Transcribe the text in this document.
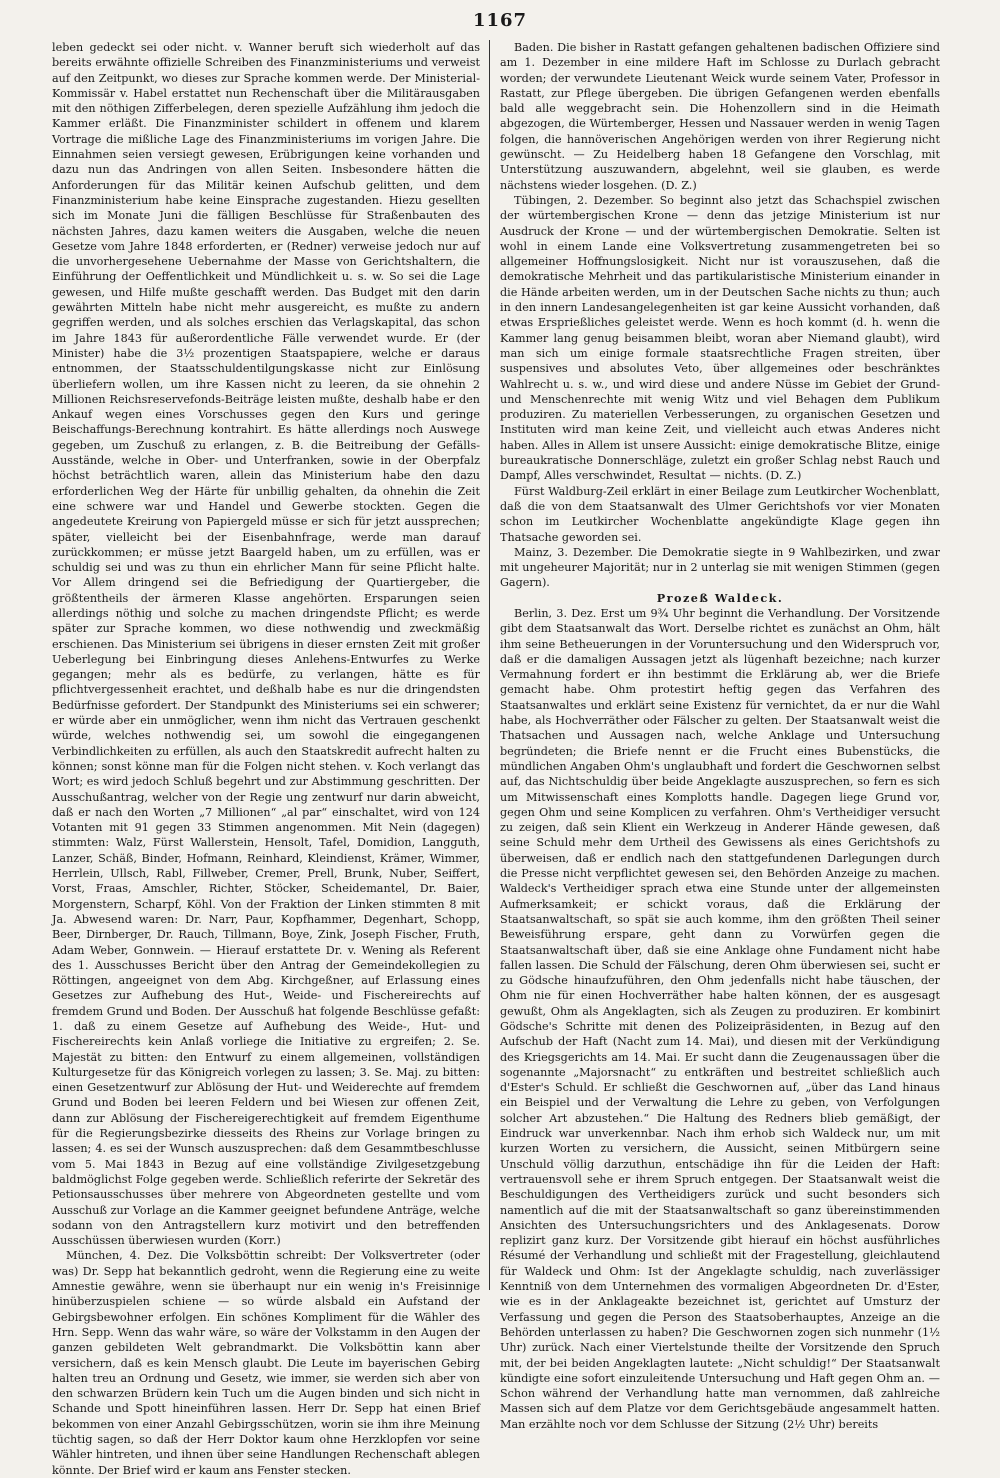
1167

leben gedeckt sei oder nicht. v. Wanner beruft sich wiederholt auf das bereits erwähnte offizielle Schreiben des Finanzministeriums und verweist auf den Zeitpunkt, wo dieses zur Sprache kommen werde. Der Ministerial-Kommissär v. Habel erstattet nun Rechenschaft über die Militärausgaben mit den nöthigen Zifferbelegen, deren spezielle Aufzählung ihm jedoch die Kammer erläßt. Die Finanzminister schildert in offenem und klarem Vortrage die mißliche Lage des Finanzministeriums im vorigen Jahre. Die Einnahmen seien versiegt gewesen, Erübrigungen keine vorhanden und dazu nun das Andringen von allen Seiten. Insbesondere hätten die Anforderungen für das Militär keinen Aufschub gelitten, und dem Finanzministerium habe keine Einsprache zugestanden. Hiezu gesellten sich im Monate Juni die fälligen Beschlüsse für Straßenbauten des nächsten Jahres, dazu kamen weiters die Ausgaben, welche die neuen Gesetze vom Jahre 1848 erforderten, er (Redner) verweise jedoch nur auf die unvorhergesehene Uebernahme der Masse von Gerichtshaltern, die Einführung der Oeffentlichkeit und Mündlichkeit u. s. w. So sei die Lage gewesen, und Hilfe mußte geschafft werden. Das Budget mit den darin gewährten Mitteln habe nicht mehr ausgereicht, es mußte zu andern gegriffen werden, und als solches erschien das Verlagskapital, das schon im Jahre 1843 für außerordentliche Fälle verwendet wurde. Er (der Minister) habe die 3½ prozentigen Staatspapiere, welche er daraus entnommen, der Staatsschuldentilgungskasse nicht zur Einlösung überliefern wollen, um ihre Kassen nicht zu leeren, da sie ohnehin 2 Millionen Reichsreservefonds-Beiträge leisten mußte, deshalb habe er den Ankauf wegen eines Vorschusses gegen den Kurs und geringe Beischaffungs-Berechnung kontrahirt. Es hätte allerdings noch Auswege gegeben, um Zuschuß zu erlangen, z. B. die Beitreibung der Gefälls-Ausstände, welche in Ober- und Unterfranken, sowie in der Oberpfalz höchst beträchtlich waren, allein das Ministerium habe den dazu erforderlichen Weg der Härte für unbillig gehalten, da ohnehin die Zeit eine schwere war und Handel und Gewerbe stockten. Gegen die angedeutete Kreirung von Papiergeld müsse er sich für jetzt aussprechen; später, vielleicht bei der Eisenbahnfrage, werde man darauf zurückkommen; er müsse jetzt Baargeld haben, um zu erfüllen, was er schuldig sei und was zu thun ein ehrlicher Mann für seine Pflicht halte. Vor Allem dringend sei die Befriedigung der Quartiergeber, die größtentheils der ärmeren Klasse angehörten. Ersparungen seien allerdings nöthig und solche zu machen dringendste Pflicht; es werde später zur Sprache kommen, wo diese nothwendig und zweckmäßig erschienen. Das Ministerium sei übrigens in dieser ernsten Zeit mit großer Ueberlegung bei Einbringung dieses Anlehens-Entwurfes zu Werke gegangen; mehr als es bedürfe, zu verlangen, hätte es für pflichtvergessenheit erachtet, und deßhalb habe es nur die dringendsten Bedürfnisse gefordert. Der Standpunkt des Ministeriums sei ein schwerer; er würde aber ein unmöglicher, wenn ihm nicht das Vertrauen geschenkt würde, welches nothwendig sei, um sowohl die eingegangenen Verbindlichkeiten zu erfüllen, als auch den Staatskredit aufrecht halten zu können; sonst könne man für die Folgen nicht stehen. v. Koch verlangt das Wort; es wird jedoch Schluß begehrt und zur Abstimmung geschritten. Der Ausschußantrag, welcher von der Regie ung zentwurf nur darin abweicht, daß er nach den Worten „7 Millionen“ „al par“ einschaltet, wird von 124 Votanten mit 91 gegen 33 Stimmen angenommen. Mit Nein (dagegen) stimmten: Walz, Fürst Wallerstein, Hensolt, Tafel, Domidion, Langguth, Lanzer, Schäß, Binder, Hofmann, Reinhard, Kleindienst, Krämer, Wimmer, Herrlein, Ullsch, Rabl, Fillweber, Cremer, Prell, Brunk, Nuber, Seiffert, Vorst, Fraas, Amschler, Richter, Stöcker, Scheidemantel, Dr. Baier, Morgenstern, Scharpf, Köhl. Von der Fraktion der Linken stimmten 8 mit Ja. Abwesend waren: Dr. Narr, Paur, Kopfhammer, Degenhart, Schopp, Beer, Dirnberger, Dr. Rauch, Tillmann, Boye, Zink, Joseph Fischer, Fruth, Adam Weber, Gonnwein. — Hierauf erstattete Dr. v. Wening als Referent des 1. Ausschusses Bericht über den Antrag der Gemeindekollegien zu Röttingen, angeeignet von dem Abg. Kirchgeßner, auf Erlassung eines Gesetzes zur Aufhebung des Hut-, Weide- und Fischereirechts auf fremdem Grund und Boden. Der Ausschuß hat folgende Beschlüsse gefaßt: 1. daß zu einem Gesetze auf Aufhebung des Weide-, Hut- und Fischereirechts kein Anlaß vorliege die Initiative zu ergreifen; 2. Se. Majestät zu bitten: den Entwurf zu einem allgemeinen, vollständigen Kulturgesetze für das Königreich vorlegen zu lassen; 3. Se. Maj. zu bitten: einen Gesetzentwurf zur Ablösung der Hut- und Weiderechte auf fremdem Grund und Boden bei leeren Feldern und bei Wiesen zur offenen Zeit, dann zur Ablösung der Fischereigerechtigkeit auf fremdem Eigenthume für die Regierungsbezirke diesseits des Rheins zur Vorlage bringen zu lassen; 4. es sei der Wunsch auszusprechen: daß dem Gesammtbeschlusse vom 5. Mai 1843 in Bezug auf eine vollständige Zivilgesetzgebung baldmöglichst Folge gegeben werde. Schließlich referirte der Sekretär des Petionsausschusses über mehrere von Abgeordneten gestellte und vom Ausschuß zur Vorlage an die Kammer geeignet befundene Anträge, welche sodann von den Antragstellern kurz motivirt und den betreffenden Ausschüssen überwiesen wurden (Korr.)

München, 4. Dez. Die Volksböttin schreibt: Der Volksvertreter (oder was) Dr. Sepp hat bekanntlich gedroht, wenn die Regierung eine zu weite Amnestie gewähre, wenn sie überhaupt nur ein wenig in's Freisinnige hinüberzuspielen schiene — so würde alsbald ein Aufstand der Gebirgsbewohner erfolgen. Ein schönes Kompliment für die Wähler des Hrn. Sepp. Wenn das wahr wäre, so wäre der Volkstamm in den Augen der ganzen gebildeten Welt gebrandmarkt. Die Volksböttin kann aber versichern, daß es kein Mensch glaubt. Die Leute im bayerischen Gebirg halten treu an Ordnung und Gesetz, wie immer, sie werden sich aber von den schwarzen Brüdern kein Tuch um die Augen binden und sich nicht in Schande und Spott hineinführen lassen. Herr Dr. Sepp hat einen Brief bekommen von einer Anzahl Gebirgsschützen, worin sie ihm ihre Meinung tüchtig sagen, so daß der Herr Doktor kaum ohne Herzklopfen vor seine Wähler hintreten, und ihnen über seine Handlungen Rechenschaft ablegen könnte. Der Brief wird er kaum ans Fenster stecken.

Baden. Die bisher in Rastatt gefangen gehaltenen badischen Offiziere sind am 1. Dezember in eine mildere Haft im Schlosse zu Durlach gebracht worden; der verwundete Lieutenant Weick wurde seinem Vater, Professor in Rastatt, zur Pflege übergeben. Die übrigen Gefangenen werden ebenfalls bald alle weggebracht sein. Die Hohenzollern sind in die Heimath abgezogen, die Würtemberger, Hessen und Nassauer werden in wenig Tagen folgen, die hannöverischen Angehörigen werden von ihrer Regierung nicht gewünscht. — Zu Heidelberg haben 18 Gefangene den Vorschlag, mit Unterstützung auszuwandern, abgelehnt, weil sie glauben, es werde nächstens wieder losgehen. (D. Z.)

Tübingen, 2. Dezember. So beginnt also jetzt das Schachspiel zwischen der würtembergischen Krone — denn das jetzige Ministerium ist nur Ausdruck der Krone — und der würtembergischen Demokratie. Selten ist wohl in einem Lande eine Volksvertretung zusammengetreten bei so allgemeiner Hoffnungslosigkeit. Nicht nur ist vorauszusehen, daß die demokratische Mehrheit und das partikularistische Ministerium einander in die Hände arbeiten werden, um in der Deutschen Sache nichts zu thun; auch in den innern Landesangelegenheiten ist gar keine Aussicht vorhanden, daß etwas Ersprießliches geleistet werde. Wenn es hoch kommt (d. h. wenn die Kammer lang genug beisammen bleibt, woran aber Niemand glaubt), wird man sich um einige formale staatsrechtliche Fragen streiten, über suspensives und absolutes Veto, über allgemeines oder beschränktes Wahlrecht u. s. w., und wird diese und andere Nüsse im Gebiet der Grund- und Menschenrechte mit wenig Witz und viel Behagen dem Publikum produziren. Zu materiellen Verbesserungen, zu organischen Gesetzen und Instituten wird man keine Zeit, und vielleicht auch etwas Anderes nicht haben. Alles in Allem ist unsere Aussicht: einige demokratische Blitze, einige bureaukratische Donnerschläge, zuletzt ein großer Schlag nebst Rauch und Dampf, Alles verschwindet, Resultat — nichts. (D. Z.)

Fürst Waldburg-Zeil erklärt in einer Beilage zum Leutkircher Wochenblatt, daß die von dem Staatsanwalt des Ulmer Gerichtshofs vor vier Monaten schon im Leutkircher Wochenblatte angekündigte Klage gegen ihn Thatsache geworden sei.

Mainz, 3. Dezember. Die Demokratie siegte in 9 Wahlbezirken, und zwar mit ungeheurer Majorität; nur in 2 unterlag sie mit wenigen Stimmen (gegen Gagern).

Prozeß Waldeck.

Berlin, 3. Dez. Erst um 9¾ Uhr beginnt die Verhandlung. Der Vorsitzende gibt dem Staatsanwalt das Wort. Derselbe richtet es zunächst an Ohm, hält ihm seine Betheuerungen in der Voruntersuchung und den Widerspruch vor, daß er die damaligen Aussagen jetzt als lügenhaft bezeichne; nach kurzer Vermahnung fordert er ihn bestimmt die Erklärung ab, wer die Briefe gemacht habe. Ohm protestirt heftig gegen das Verfahren des Staatsanwaltes und erklärt seine Existenz für vernichtet, da er nur die Wahl habe, als Hochverräther oder Fälscher zu gelten. Der Staatsanwalt weist die Thatsachen und Aussagen nach, welche Anklage und Untersuchung begründeten; die Briefe nennt er die Frucht eines Bubenstücks, die mündlichen Angaben Ohm's unglaubhaft und fordert die Geschwornen selbst auf, das Nichtschuldig über beide Angeklagte auszusprechen, so fern es sich um Mitwissenschaft eines Komplotts handle. Dagegen liege Grund vor, gegen Ohm und seine Komplicen zu verfahren. Ohm's Vertheidiger versucht zu zeigen, daß sein Klient ein Werkzeug in Anderer Hände gewesen, daß seine Schuld mehr dem Urtheil des Gewissens als eines Gerichtshofs zu überweisen, daß er endlich nach den stattgefundenen Darlegungen durch die Presse nicht verpflichtet gewesen sei, den Behörden Anzeige zu machen. Waldeck's Vertheidiger sprach etwa eine Stunde unter der allgemeinsten Aufmerksamkeit; er schickt voraus, daß die Erklärung der Staatsanwaltschaft, so spät sie auch komme, ihm den größten Theil seiner Beweisführung erspare, geht dann zu Vorwürfen gegen die Staatsanwaltschaft über, daß sie eine Anklage ohne Fundament nicht habe fallen lassen. Die Schuld der Fälschung, deren Ohm überwiesen sei, sucht er zu Gödsche hinaufzuführen, den Ohm jedenfalls nicht habe täuschen, der Ohm nie für einen Hochverräther habe halten können, der es ausgesagt gewußt, Ohm als Angeklagten, sich als Zeugen zu produziren. Er kombinirt Gödsche's Schritte mit denen des Polizeipräsidenten, in Bezug auf den Aufschub der Haft (Nacht zum 14. Mai), und diesen mit der Verkündigung des Kriegsgerichts am 14. Mai. Er sucht dann die Zeugenaussagen über die sogenannte „Majorsnacht“ zu entkräften und bestreitet schließlich auch d'Ester's Schuld. Er schließt die Geschwornen auf, „über das Land hinaus ein Beispiel und der Verwaltung die Lehre zu geben, von Verfolgungen solcher Art abzustehen.“ Die Haltung des Redners blieb gemäßigt, der Eindruck war unverkennbar. Nach ihm erhob sich Waldeck nur, um mit kurzen Worten zu versichern, die Aussicht, seinen Mitbürgern seine Unschuld völlig darzuthun, entschädige ihn für die Leiden der Haft: vertrauensvoll sehe er ihrem Spruch entgegen. Der Staatsanwalt weist die Beschuldigungen des Vertheidigers zurück und sucht besonders sich namentlich auf die mit der Staatsanwaltschaft so ganz übereinstimmenden Ansichten des Untersuchungsrichters und des Anklagesenats. Dorow replizirt ganz kurz. Der Vorsitzende gibt hierauf ein höchst ausführliches Résumé der Verhandlung und schließt mit der Fragestellung, gleichlautend für Waldeck und Ohm: Ist der Angeklagte schuldig, nach zuverlässiger Kenntniß von dem Unternehmen des vormaligen Abgeordneten Dr. d'Ester, wie es in der Anklageakte bezeichnet ist, gerichtet auf Umsturz der Verfassung und gegen die Person des Staatsoberhauptes, Anzeige an die Behörden unterlassen zu haben? Die Geschwornen zogen sich nunmehr (1½ Uhr) zurück. Nach einer Viertelstunde theilte der Vorsitzende den Spruch mit, der bei beiden Angeklagten lautete: „Nicht schuldig!“ Der Staatsanwalt kündigte eine sofort einzuleitende Untersuchung und Haft gegen Ohm an. — Schon während der Verhandlung hatte man vernommen, daß zahlreiche Massen sich auf dem Platze vor dem Gerichtsgebäude angesammelt hatten. Man erzählte noch vor dem Schlusse der Sitzung (2½ Uhr) bereits
